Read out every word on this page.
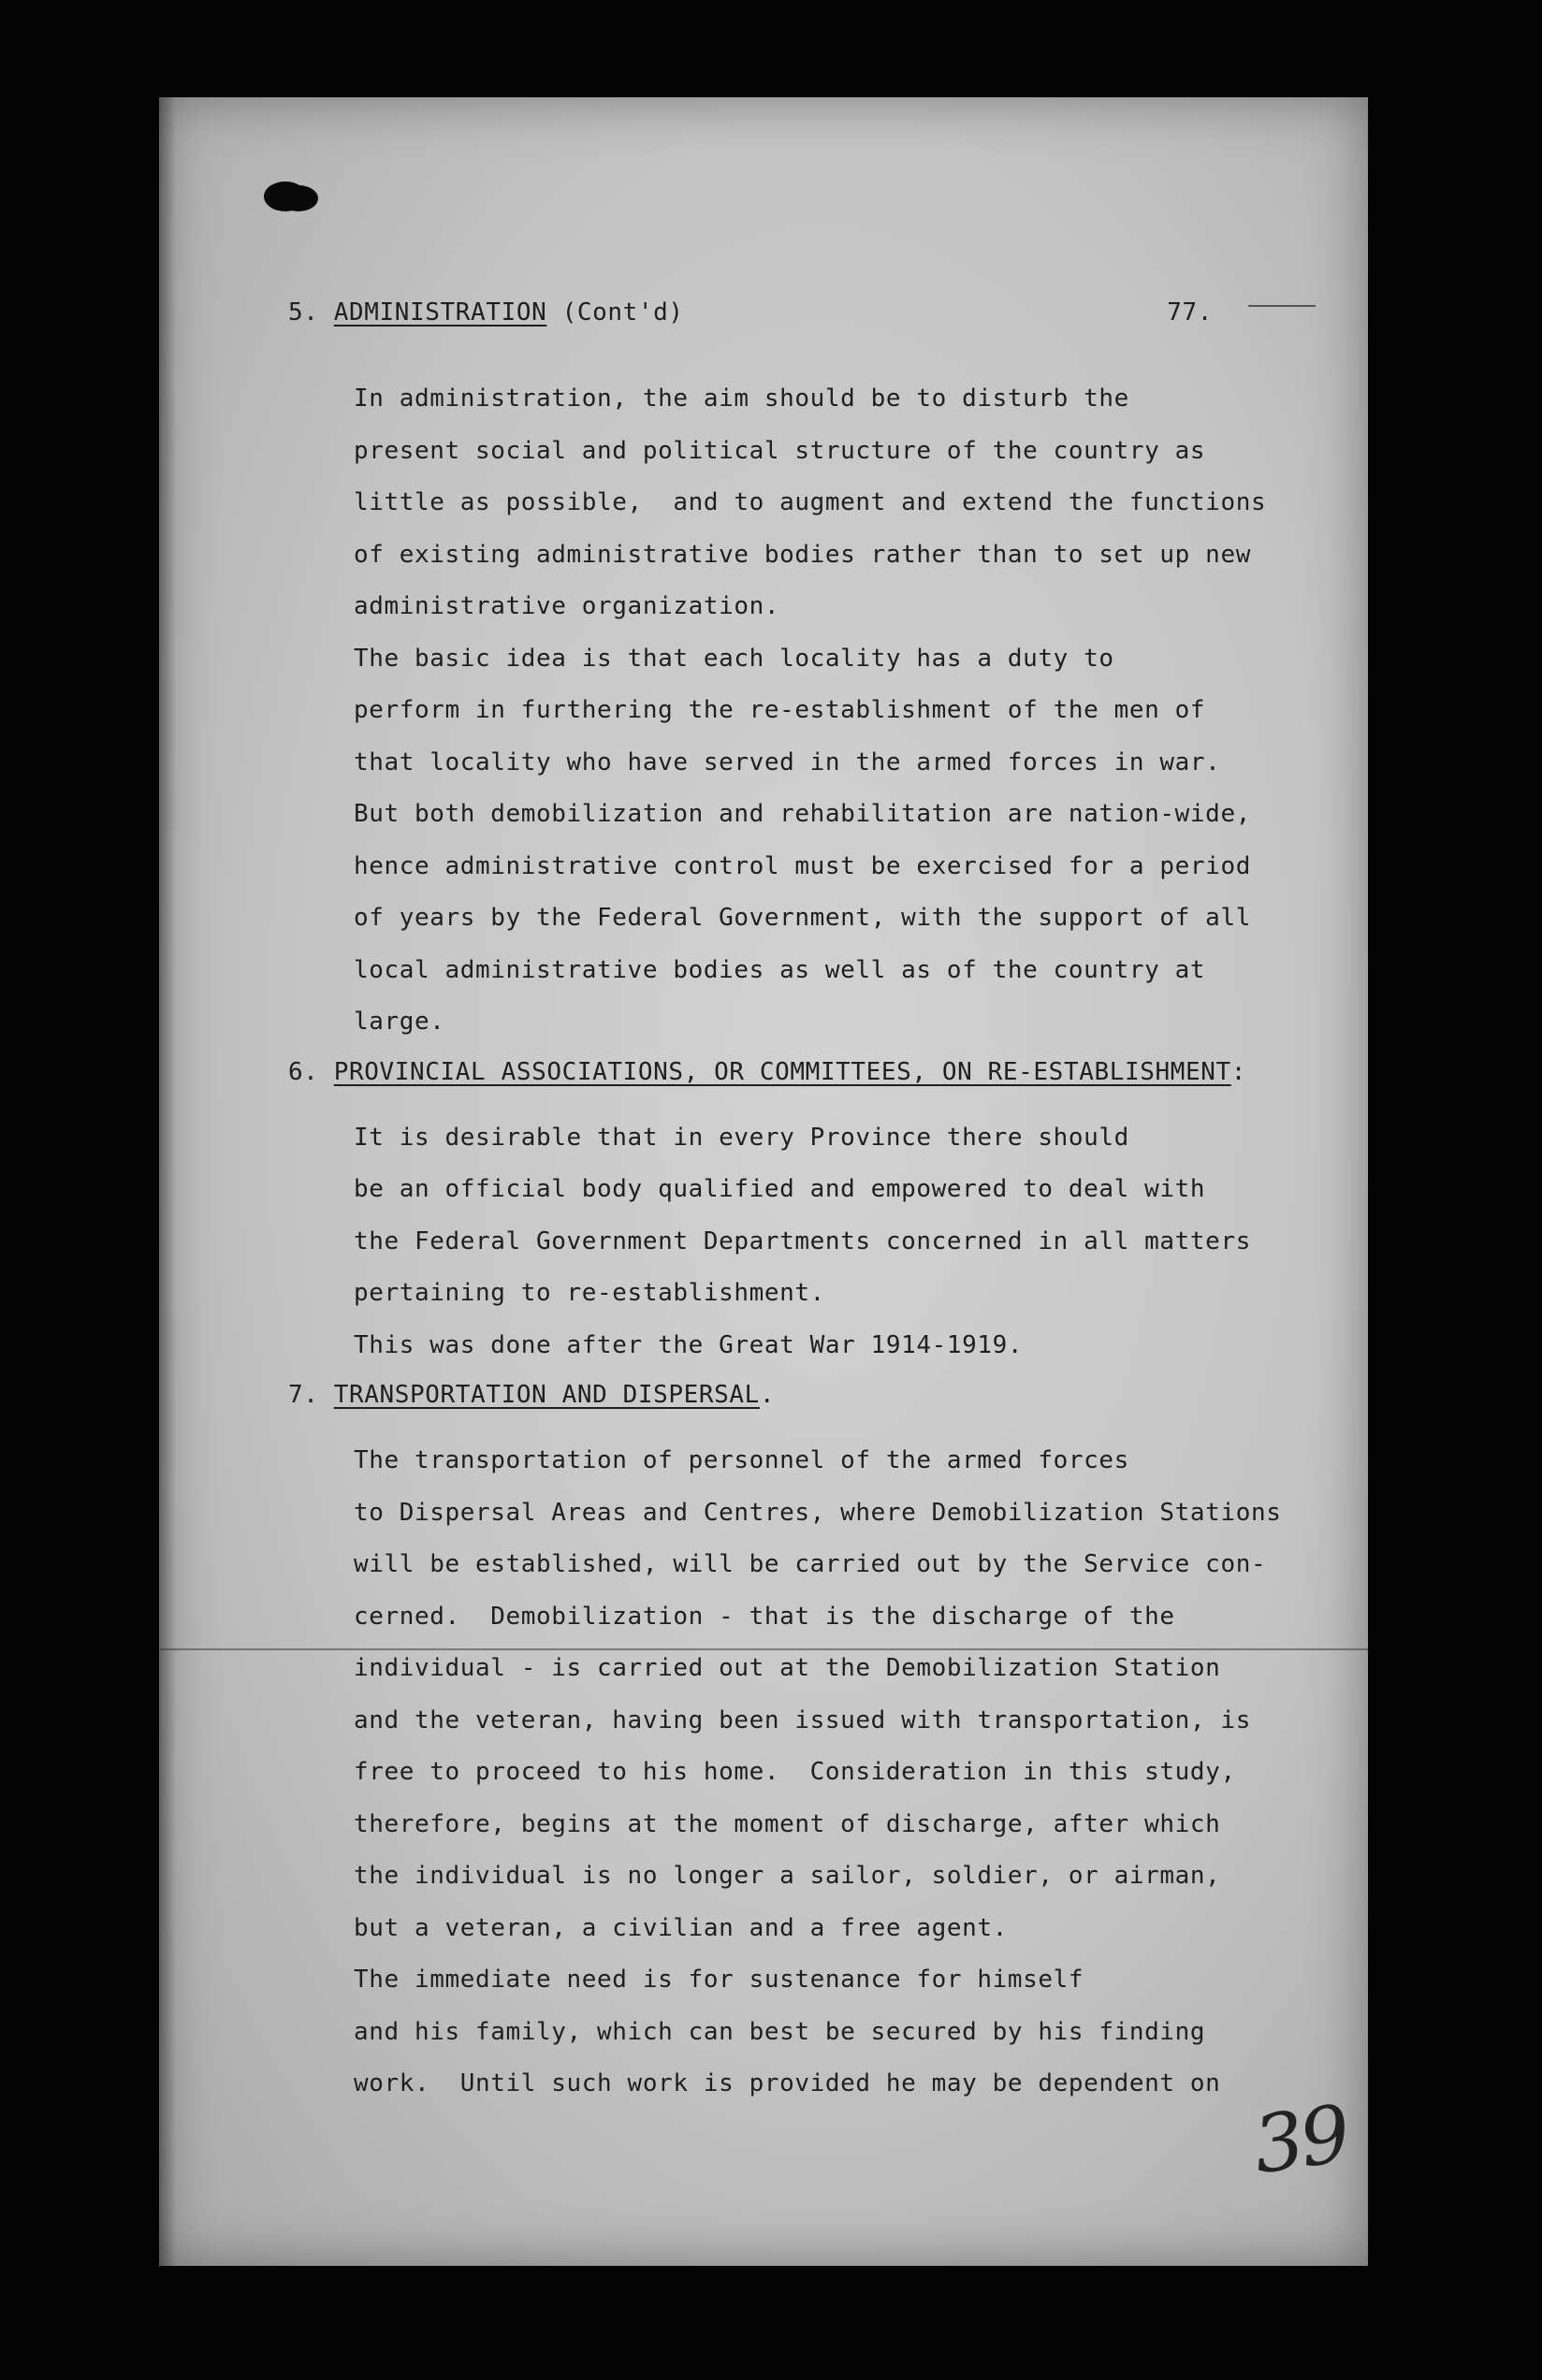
5. ADMINISTRATION (Cont'd)	77.

In administration, the aim should be to disturb the

present social and political structure of the country as

little as possible,  and to augment and extend the functions

of existing administrative bodies rather than to set up new

administrative organization.

The basic idea is that each locality has a duty to

perform in furthering the re-establishment of the men of

that locality who have served in the armed forces in war.

But both demobilization and rehabilitation are nation-wide,

hence administrative control must be exercised for a period

of years by the Federal Government, with the support of all

local administrative bodies as well as of the country at

large.

6. PROVINCIAL ASSOCIATIONS, OR COMMITTEES, ON RE-ESTABLISHMENT:

It is desirable that in every Province there should

be an official body qualified and empowered to deal with

the Federal Government Departments concerned in all matters

pertaining to re-establishment.

This was done after the Great War 1914-1919.

7. TRANSPORTATION AND DISPERSAL.

The transportation of personnel of the armed forces

to Dispersal Areas and Centres, where Demobilization Stations

will be established, will be carried out by the Service con-

cerned.  Demobilization - that is the discharge of the

individual - is carried out at the Demobilization Station

and the veteran, having been issued with transportation, is

free to proceed to his home.  Consideration in this study,

therefore, begins at the moment of discharge, after which

the individual is no longer a sailor, soldier, or airman,

but a veteran, a civilian and a free agent.

The immediate need is for sustenance for himself

and his family, which can best be secured by his finding

work.  Until such work is provided he may be dependent on

39
